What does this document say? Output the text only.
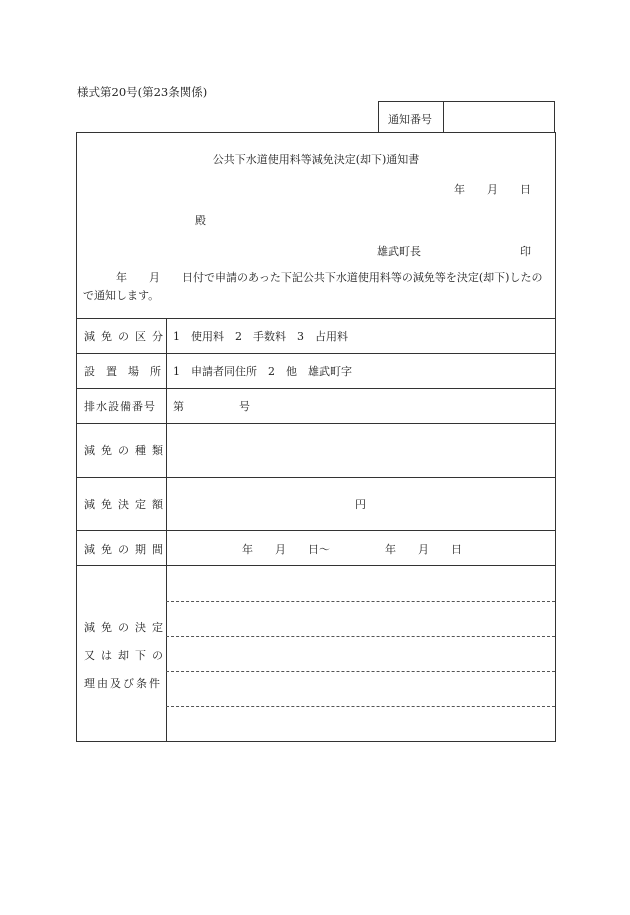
様式第20号(第23条関係)
通知番号
公共下水道使用料等減免決定(却下)通知書
年　　月　　日
殿
雄武町長	印
　　　年　　月　　日付で申請のあった下記公共下水道使用料等の減免等を決定(却下)したので通知します。
減免の区分 1　使用料　2　手数料　3　占用料
設　置　場　所 1　申請者同住所　2　他　雄武町字
排水設備番号 第　　　　　号
減免の種類
減免決定額	円
減免の期間	年　　月　　日～　　　　　年　　月　　日
減免の決定
又は却下の
理由及び条件
